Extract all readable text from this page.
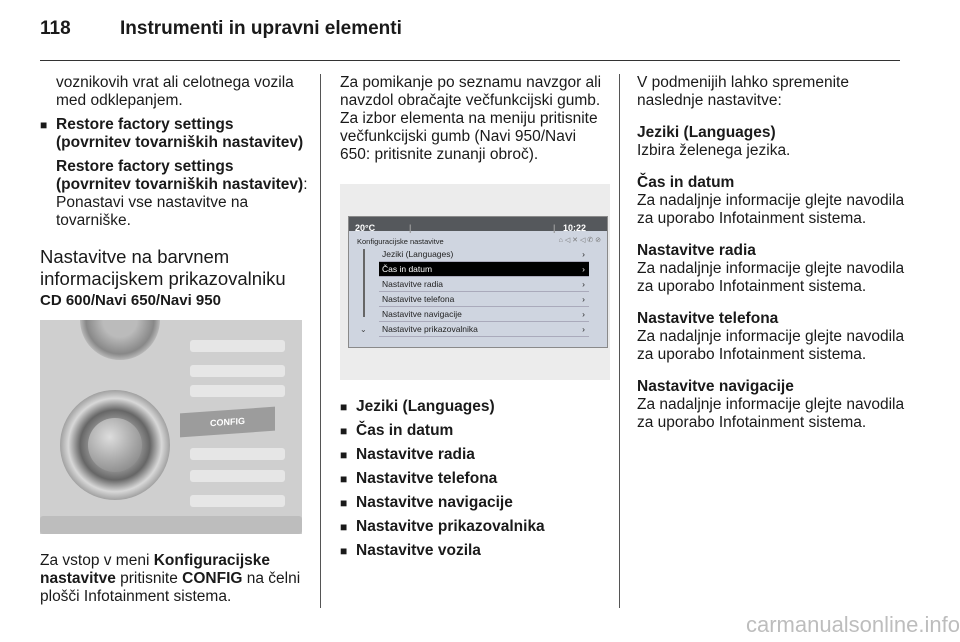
118	Instrumenti in upravni elementi

voznikovih vrat ali celotnega vozila med odklepanjem.

■ Restore factory settings (povrnitev tovarniških nastavitev)

Restore factory settings (povrnitev tovarniških nastavitev): Ponastavi vse nastavitve na tovarniške.

Nastavitve na barvnem informacijskem prikazovalniku

CD 600/Navi 650/Navi 950

CONFIG

Za vstop v meni Konfiguracijske nastavitve pritisnite CONFIG na čelni plošči Infotainment sistema.

Za pomikanje po seznamu navzgor ali navzdol obračajte večfunkcijski gumb. Za izbor elementa na meniju pritisnite večfunkcijski gumb (Navi 950/Navi 650: pritisnite zunanji obroč).

20°C	|	| 10:22
Konfiguracijske nastavitve	⌂ ◁ ✕ ◁ ✆ ⊘
⌄
Jeziki (Languages)	›
Čas in datum	›
Nastavitve radia	›
Nastavitve telefona	›
Nastavitve navigacije	›
Nastavitve prikazovalnika	›

■ Jeziki (Languages)

■ Čas in datum

■ Nastavitve radia

■ Nastavitve telefona

■ Nastavitve navigacije

■ Nastavitve prikazovalnika

■ Nastavitve vozila

V podmenijih lahko spremenite naslednje nastavitve:

Jeziki (Languages)

Izbira želenega jezika.

Čas in datum

Za nadaljnje informacije glejte navodila za uporabo Infotainment sistema.

Nastavitve radia

Za nadaljnje informacije glejte navodila za uporabo Infotainment sistema.

Nastavitve telefona

Za nadaljnje informacije glejte navodila za uporabo Infotainment sistema.

Nastavitve navigacije

Za nadaljnje informacije glejte navodila za uporabo Infotainment sistema.

carmanualsonline.info
